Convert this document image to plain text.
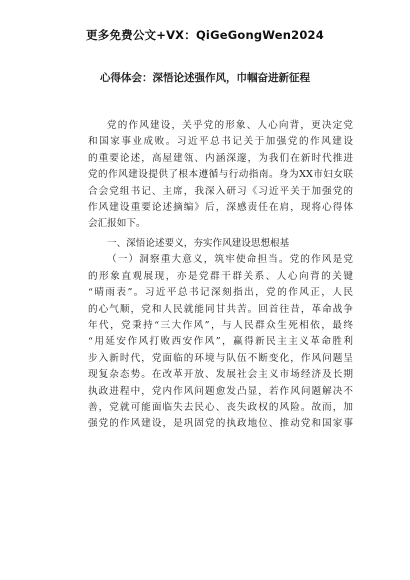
更多免费公文+VX：QiGeGongWen2024
心得体会：深悟论述强作风，巾帼奋进新征程
党的作风建设，关乎党的形象、人心向背，更决定党
和国家事业成败。习近平总书记关于加强党的作风建设
的重要论述，高屋建瓴、内涵深邃，为我们在新时代推进
党的作风建设提供了根本遵循与行动指南。身为XX市妇女联
合会党组书记、主席，我深入研习《习近平关于加强党的
作风建设重要论述摘编》后，深感责任在肩，现将心得体
会汇报如下。
一、深悟论述要义，夯实作风建设思想根基
（一）洞察重大意义，筑牢使命担当。党的作风是党
的形象直观展现，亦是党群干群关系、人心向背的关键
“晴雨表”。习近平总书记深刻指出，党的作风正，人民
的心气顺，党和人民就能同甘共苦。回首往昔，革命战争
年代，党秉持“三大作风”，与人民群众生死相依，最终
“用延安作风打败西安作风”，赢得新民主主义革命胜利
步入新时代，党面临的环境与队伍不断变化，作风问题呈
现复杂态势。在改革开放、发展社会主义市场经济及长期
执政进程中，党内作风问题愈发凸显，若作风问题解决不
善，党就可能面临失去民心、丧失政权的风险。故而，加
强党的作风建设，是巩固党的执政地位、推动党和国家事
